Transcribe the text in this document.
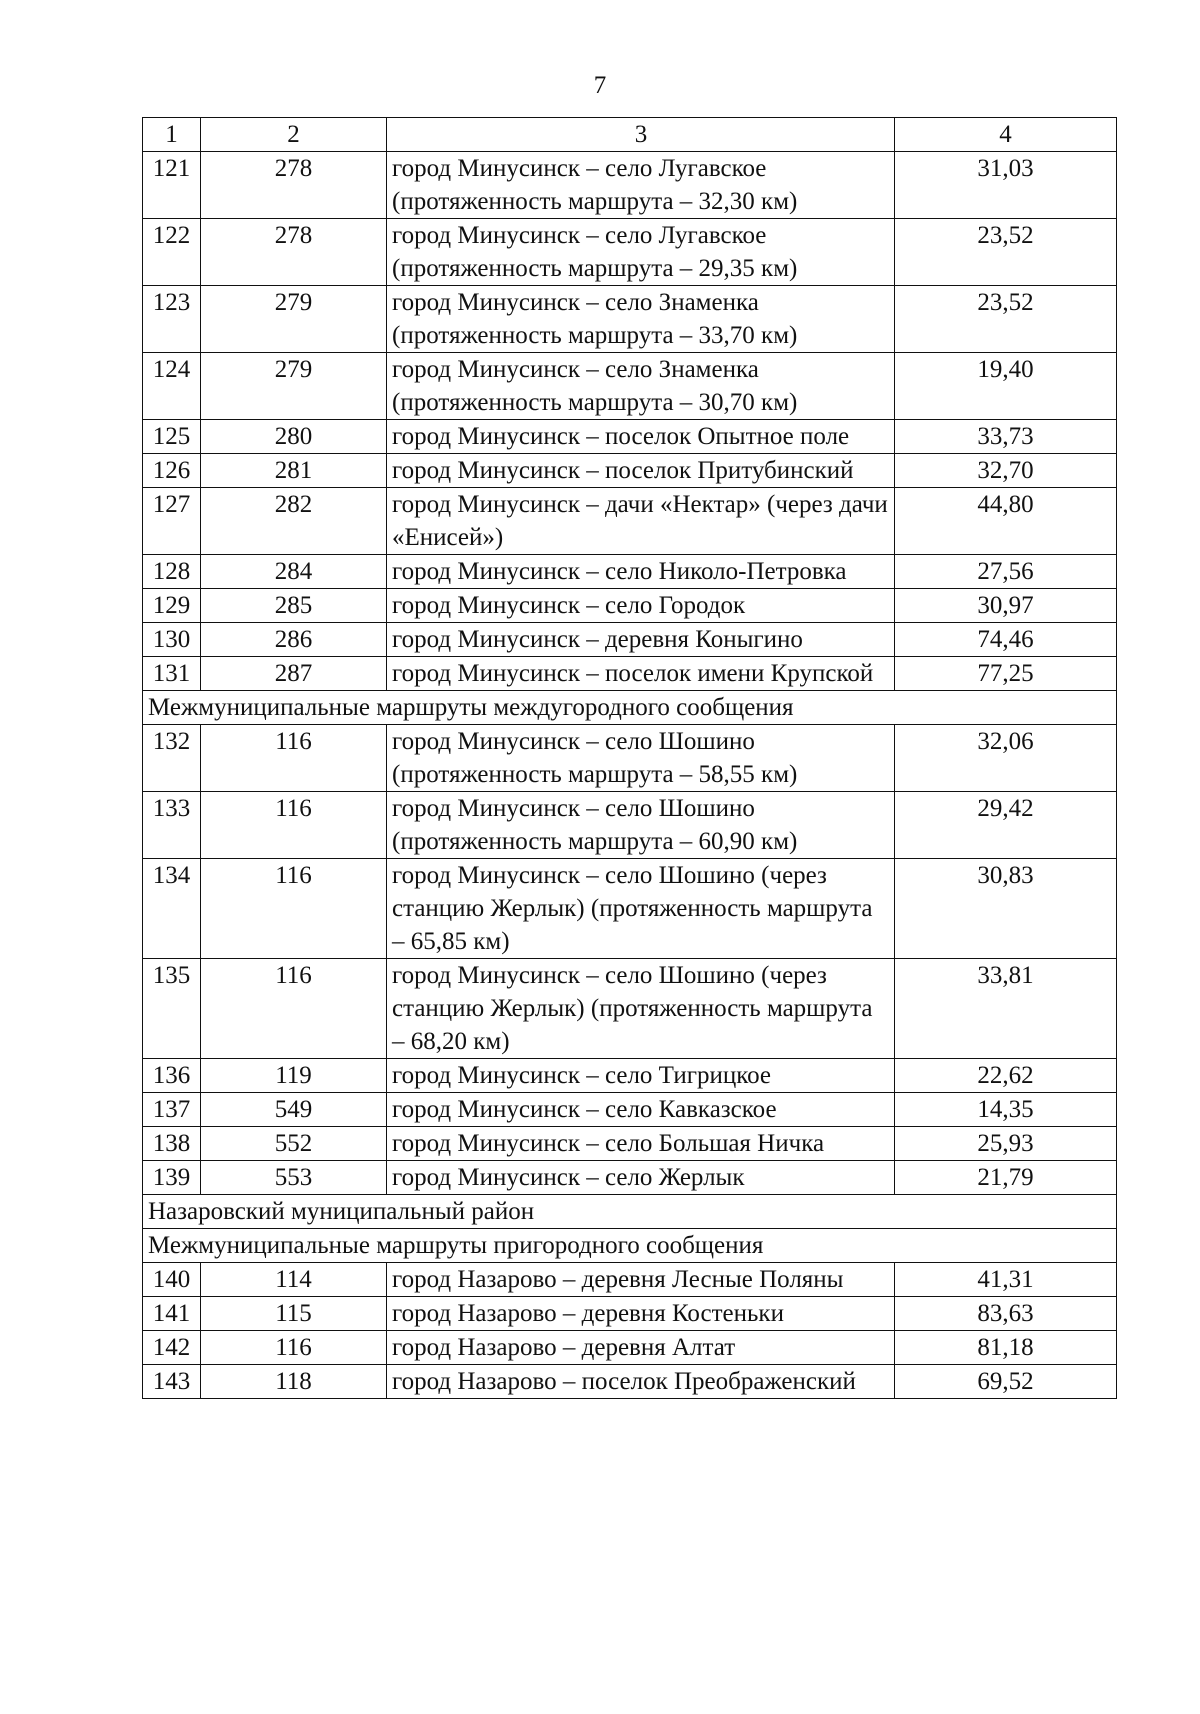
7
1	2	3	4
121	278	город Минусинск – село Лугавское (протяженность маршрута – 32,30 км)	31,03
122	278	город Минусинск – село Лугавское (протяженность маршрута – 29,35 км)	23,52
123	279	город Минусинск – село Знаменка (протяженность маршрута – 33,70 км)	23,52
124	279	город Минусинск – село Знаменка (протяженность маршрута – 30,70 км)	19,40
125	280	город Минусинск – поселок Опытное поле	33,73
126	281	город Минусинск – поселок Притубинский	32,70
127	282	город Минусинск – дачи «Нектар» (через дачи «Енисей»)	44,80
128	284	город Минусинск – село Николо-Петровка	27,56
129	285	город Минусинск – село Городок	30,97
130	286	город Минусинск – деревня Коныгино	74,46
131	287	город Минусинск – поселок имени Крупской	77,25
Межмуниципальные маршруты междугородного сообщения			
132	116	город Минусинск – село Шошино (протяженность маршрута – 58,55 км)	32,06
133	116	город Минусинск – село Шошино (протяженность маршрута – 60,90 км)	29,42
134	116	город Минусинск – село Шошино (через станцию Жерлык) (протяженность маршрута – 65,85 км)	30,83
135	116	город Минусинск – село Шошино (через станцию Жерлык) (протяженность маршрута – 68,20 км)	33,81
136	119	город Минусинск – село Тигрицкое	22,62
137	549	город Минусинск – село Кавказское	14,35
138	552	город Минусинск – село Большая Ничка	25,93
139	553	город Минусинск – село Жерлык	21,79
Назаровский муниципальный район			
Межмуниципальные маршруты пригородного сообщения			
140	114	город Назарово – деревня Лесные Поляны	41,31
141	115	город Назарово – деревня Костеньки	83,63
142	116	город Назарово – деревня Алтат	81,18
143	118	город Назарово – поселок Преображенский	69,52
